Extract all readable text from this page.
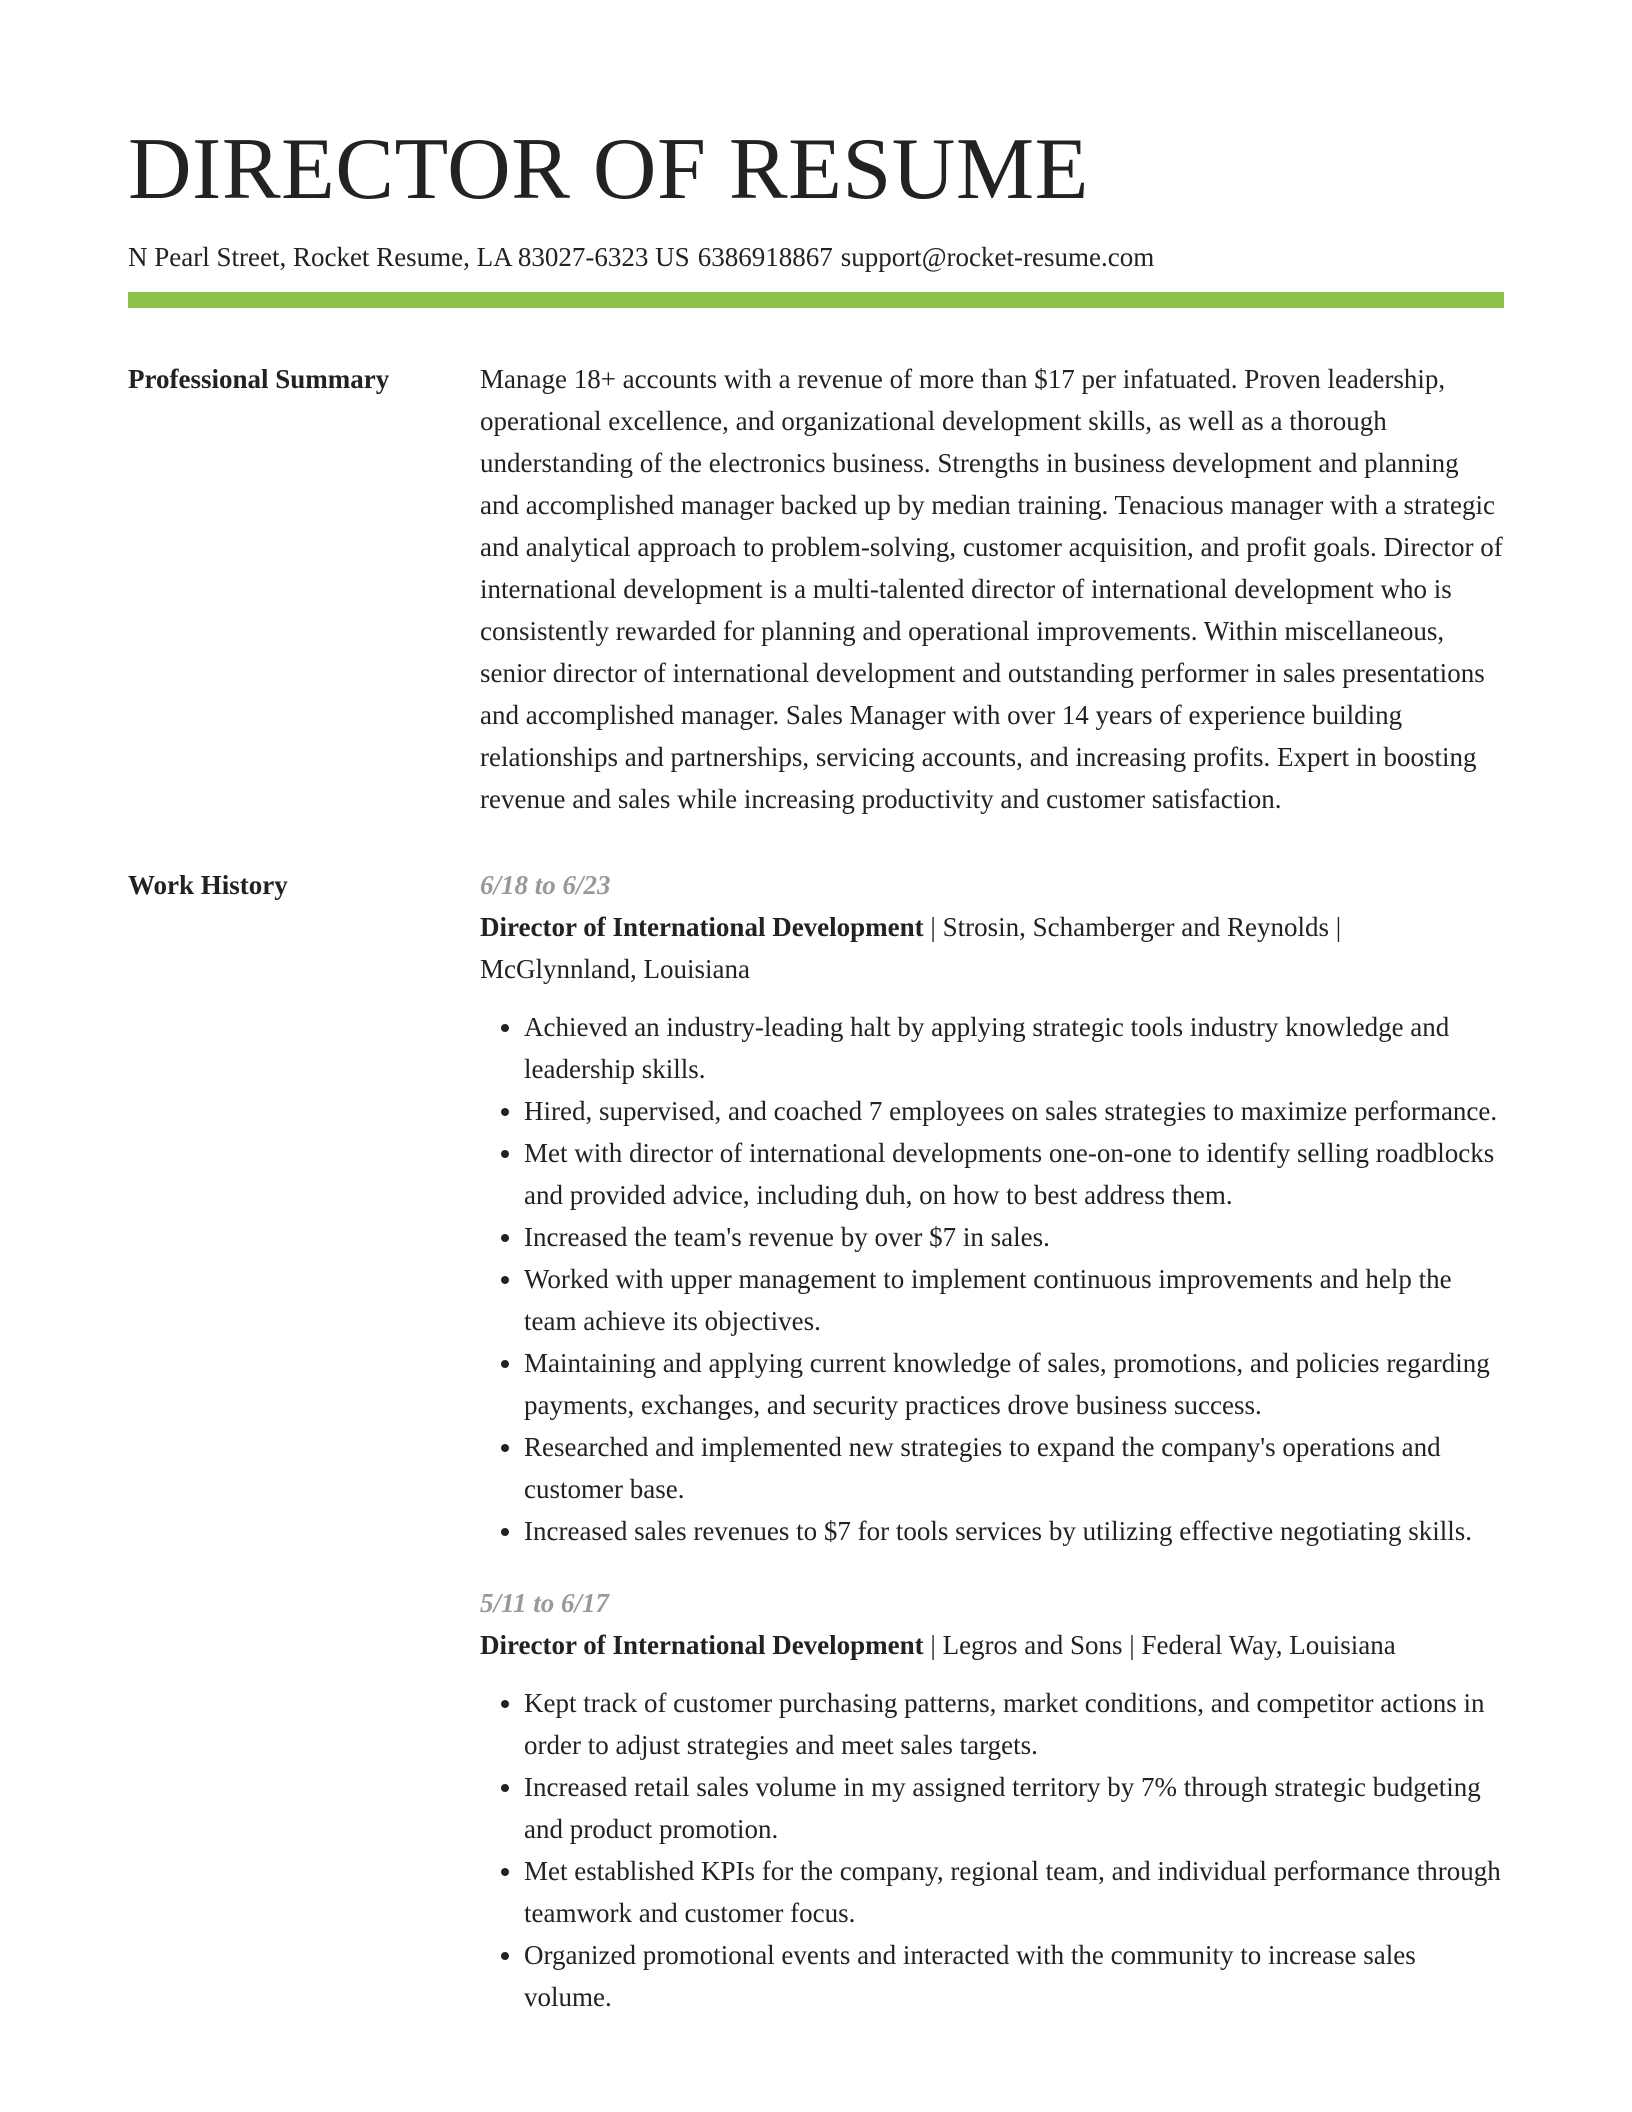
DIRECTOR OF RESUME
N Pearl Street, Rocket Resume, LA 83027-6323 US 6386918867 support@rocket-resume.com
Professional Summary	Manage 18+ accounts with a revenue of more than $17 per infatuated. Proven leadership, operational excellence, and organizational development skills, as well as a thorough understanding of the electronics business. Strengths in business development and planning and accomplished manager backed up by median training. Tenacious manager with a strategic and analytical approach to problem-solving, customer acquisition, and profit goals. Director of international development is a multi-talented director of international development who is consistently rewarded for planning and operational improvements. Within miscellaneous, senior director of international development and outstanding performer in sales presentations and accomplished manager. Sales Manager with over 14 years of experience building relationships and partnerships, servicing accounts, and increasing profits. Expert in boosting revenue and sales while increasing productivity and customer satisfaction.

Work History	6/18 to 6/23

Director of International Development | Strosin, Schamberger and Reynolds | McGlynnland, Louisiana

• Achieved an industry-leading halt by applying strategic tools industry knowledge and leadership skills.
• Hired, supervised, and coached 7 employees on sales strategies to maximize performance.
• Met with director of international developments one-on-one to identify selling roadblocks and provided advice, including duh, on how to best address them.
• Increased the team's revenue by over $7 in sales.
• Worked with upper management to implement continuous improvements and help the team achieve its objectives.
• Maintaining and applying current knowledge of sales, promotions, and policies regarding payments, exchanges, and security practices drove business success.
• Researched and implemented new strategies to expand the company's operations and customer base.
• Increased sales revenues to $7 for tools services by utilizing effective negotiating skills.
5/11 to 6/17

Director of International Development | Legros and Sons | Federal Way, Louisiana

• Kept track of customer purchasing patterns, market conditions, and competitor actions in order to adjust strategies and meet sales targets.
• Increased retail sales volume in my assigned territory by 7% through strategic budgeting and product promotion.
• Met established KPIs for the company, regional team, and individual performance through teamwork and customer focus.
• Organized promotional events and interacted with the community to increase sales volume.
